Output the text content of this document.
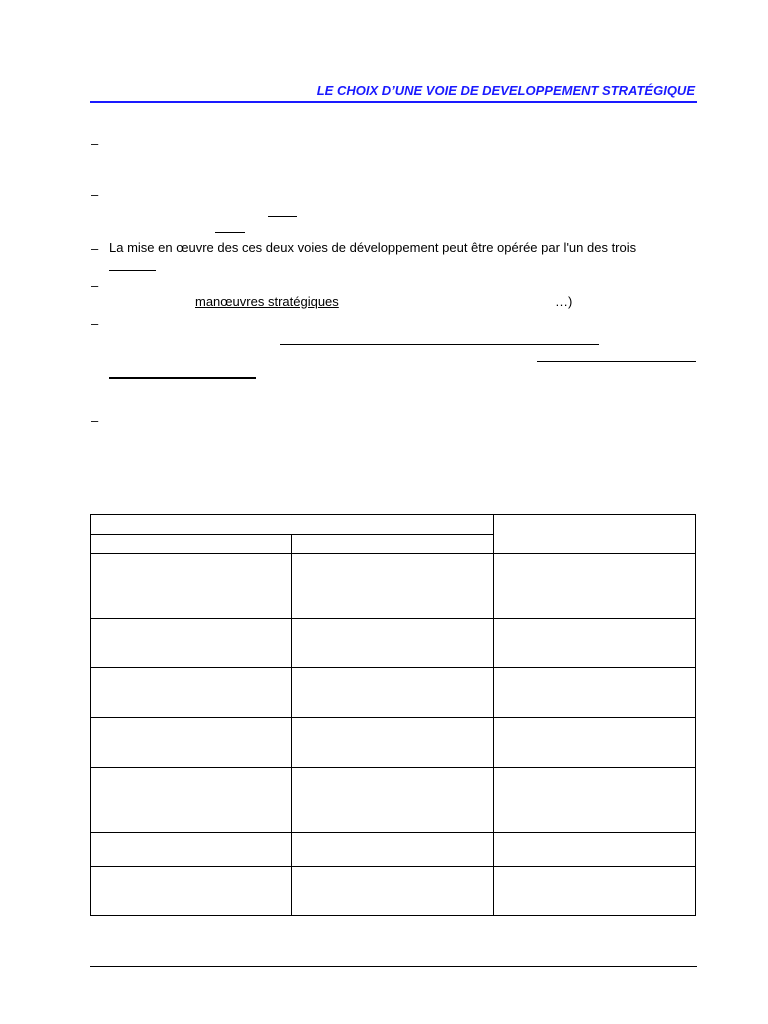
LE CHOIX D’UNE VOIE DE DEVELOPPEMENT STRATÉGIQUE
–
–
–
–
–
–
La mise en œuvre des ces deux voies de développement peut être opérée par l'un des trois
manœuvres stratégiques	…)
